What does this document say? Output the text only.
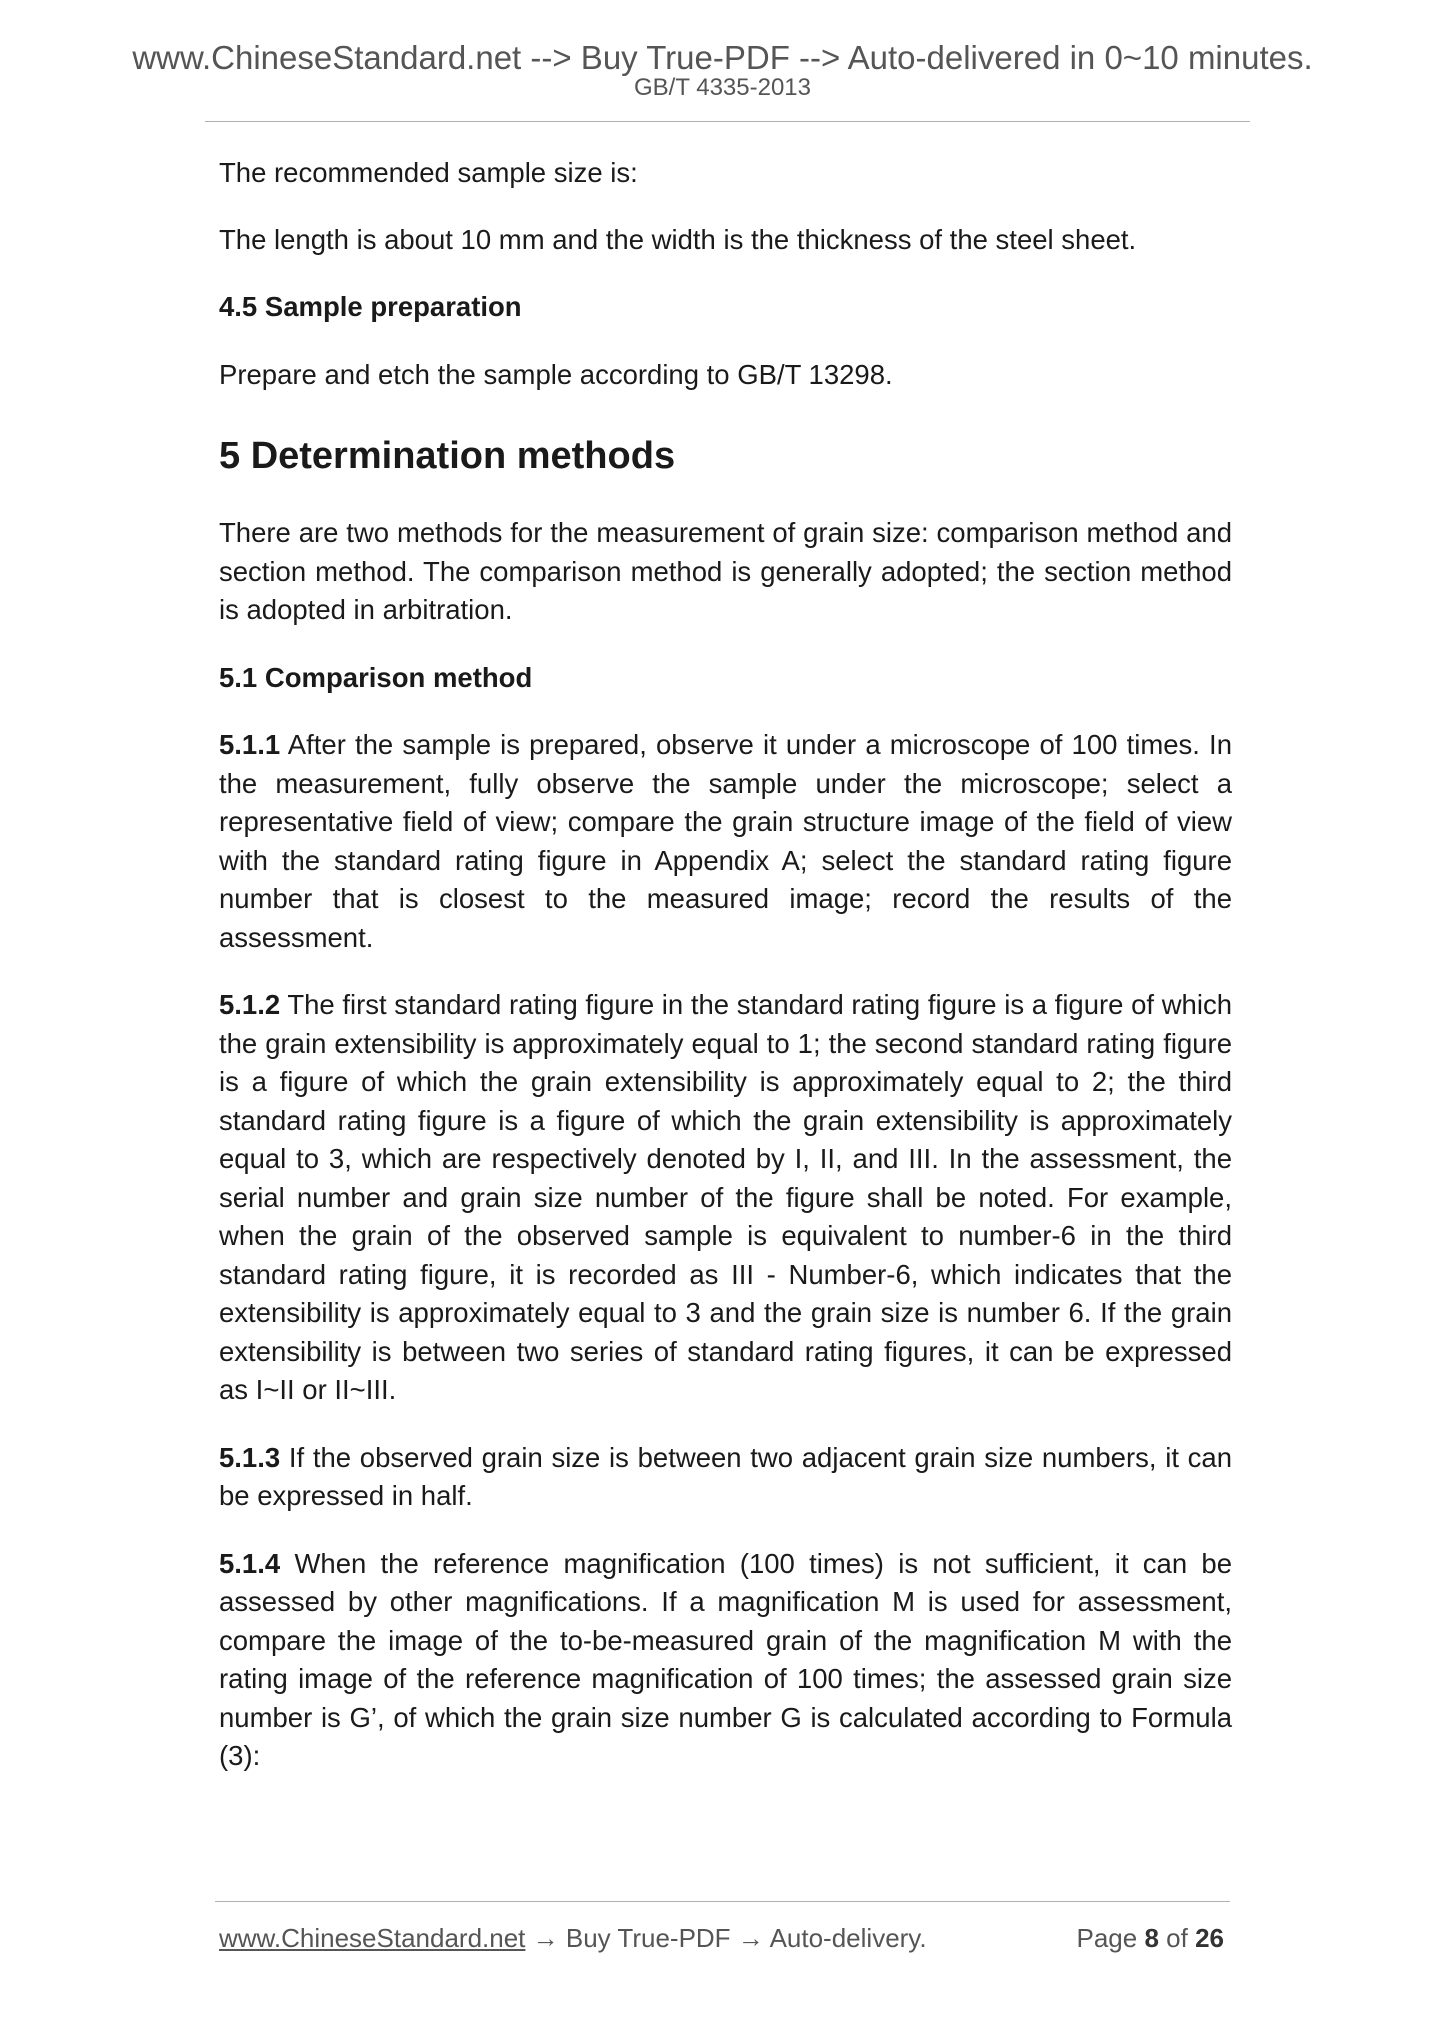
www.ChineseStandard.net --> Buy True-PDF --> Auto-delivered in 0~10 minutes.
GB/T 4335-2013

The recommended sample size is:

The length is about 10 mm and the width is the thickness of the steel sheet.

4.5 Sample preparation

Prepare and etch the sample according to GB/T 13298.

5 Determination methods

There are two methods for the measurement of grain size: comparison method and section method. The comparison method is generally adopted; the section method is adopted in arbitration.

5.1 Comparison method

5.1.1 After the sample is prepared, observe it under a microscope of 100 times. In the measurement, fully observe the sample under the microscope; select a representative field of view; compare the grain structure image of the field of view with the standard rating figure in Appendix A; select the standard rating figure number that is closest to the measured image; record the results of the assessment.

5.1.2 The first standard rating figure in the standard rating figure is a figure of which the grain extensibility is approximately equal to 1; the second standard rating figure is a figure of which the grain extensibility is approximately equal to 2; the third standard rating figure is a figure of which the grain extensibility is approximately equal to 3, which are respectively denoted by I, II, and III. In the assessment, the serial number and grain size number of the figure shall be noted. For example, when the grain of the observed sample is equivalent to number-6 in the third standard rating figure, it is recorded as III - Number-6, which indicates that the extensibility is approximately equal to 3 and the grain size is number 6. If the grain extensibility is between two series of standard rating figures, it can be expressed as I~II or II~III.

5.1.3 If the observed grain size is between two adjacent grain size numbers, it can be expressed in half.

5.1.4 When the reference magnification (100 times) is not sufficient, it can be assessed by other magnifications. If a magnification M is used for assessment, compare the image of the to-be-measured grain of the magnification M with the rating image of the reference magnification of 100 times; the assessed grain size number is G’, of which the grain size number G is calculated according to Formula (3):

www.ChineseStandard.net → Buy True-PDF → Auto-delivery.	Page 8 of 26
